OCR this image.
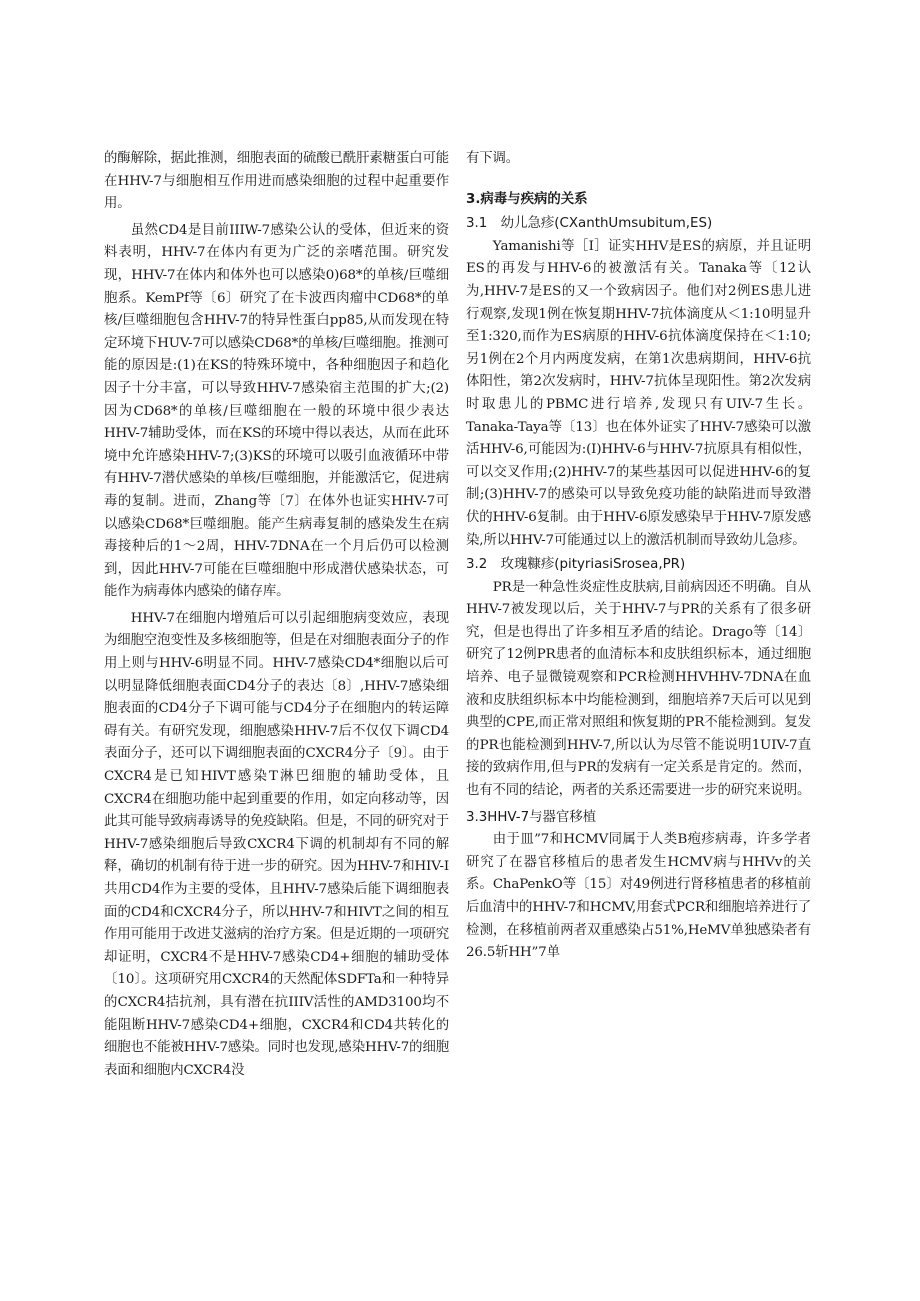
的酶解除，据此推测，细胞表面的硫酸已酰肝素糖蛋白可能在HHV-7与细胞相互作用进而感染细胞的过程中起重要作用。

虽然CD4是目前IIIW-7感染公认的受体，但近来的资料表明，HHV-7在体内有更为广泛的亲嗜范围。研究发现，HHV-7在体内和体外也可以感染0)68*的单核/巨噬细胞系。KemPf等〔6〕研究了在卡波西肉瘤中CD68*的单核/巨噬细胞包含HHV-7的特异性蛋白pp85,从而发现在特定环境下HUV-7可以感染CD68*的单核/巨噬细胞。推测可能的原因是:(1)在KS的特殊环境中，各种细胞因子和趋化因子十分丰富，可以导致HHV-7感染宿主范围的扩大;(2)因为CD68*的单核/巨噬细胞在一般的环境中很少表达HHV-7辅助受体，而在KS的环境中得以表达，从而在此环境中允许感染HHV-7;(3)KS的环境可以吸引血液循环中带有HHV-7潜伏感染的单核/巨噬细胞，并能激活它，促进病毒的复制。进而，Zhang等〔7〕在体外也证实HHV-7可以感染CD68*巨噬细胞。能产生病毒复制的感染发生在病毒接种后的1～2周，HHV-7DNA在一个月后仍可以检测到，因此HHV-7可能在巨噬细胞中形成潜伏感染状态，可能作为病毒体内感染的储存库。

HHV-7在细胞内增殖后可以引起细胞病变效应，表现为细胞空泡变性及多核细胞等，但是在对细胞表面分子的作用上则与HHV-6明显不同。HHV-7感染CD4*细胞以后可以明显降低细胞表面CD4分子的表达〔8〕,HHV-7感染细胞表面的CD4分子下调可能与CD4分子在细胞内的转运障碍有关。有研究发现，细胞感染HHV-7后不仅仅下调CD4表面分子，还可以下调细胞表面的CXCR4分子〔9〕。由于CXCR4是已知HIVT感染T淋巴细胞的辅助受体，且CXCR4在细胞功能中起到重要的作用，如定向移动等，因此其可能导致病毒诱导的免疫缺陷。但是，不同的研究对于HHV-7感染细胞后导致CXCR4下调的机制却有不同的解释，确切的机制有待于进一步的研究。因为HHV-7和HIV-I共用CD4作为主要的受体，且HHV-7感染后能下调细胞表面的CD4和CXCR4分子，所以HHV-7和HIVT之间的相互作用可能用于改进艾滋病的治疗方案。但是近期的一项研究却证明，CXCR4不是HHV-7感染CD4+细胞的辅助受体〔10〕。这项研究用CXCR4的天然配体SDFTa和一种特异的CXCR4拮抗剂，具有潜在抗IIIV活性的AMD3100均不能阻断HHV-7感染CD4+细胞，CXCR4和CD4共转化的细胞也不能被HHV-7感染。同时也发现,感染HHV-7的细胞表面和细胞内CXCR4没

有下调。

3.病毒与疾病的关系

3.1　幼儿急疹(CXanthUmsubitum,ES)

Yamanishi等［I］证实HHV是ES的病原，并且证明ES的再发与HHV-6的被激活有关。Tanaka等〔12认为,HHV-7是ES的又一个致病因子。他们对2例ES患儿进行观察,发现1例在恢复期HHV-7抗体滴度从＜1:10明显升至1:320,而作为ES病原的HHV-6抗体滴度保持在＜1:10;另1例在2个月内两度发病，在第1次患病期间，HHV-6抗体阳性，第2次发病时，HHV-7抗体呈现阳性。第2次发病时取患儿的PBMC进行培养,发现只有UIV-7生长。Tanaka-Taya等〔13〕也在体外证实了HHV-7感染可以激活HHV-6,可能因为:(I)HHV-6与HHV-7抗原具有相似性，可以交叉作用;(2)HHV-7的某些基因可以促进HHV-6的复制;(3)HHV-7的感染可以导致免疫功能的缺陷进而导致潜伏的HHV-6复制。由于HHV-6原发感染早于HHV-7原发感染,所以HHV-7可能通过以上的激活机制而导致幼儿急疹。

3.2　玫瑰糠疹(pityriasiSrosea,PR)

PR是一种急性炎症性皮肤病,目前病因还不明确。自从HHV-7被发现以后，关于HHV-7与PR的关系有了很多研究，但是也得出了许多相互矛盾的结论。Drago等〔14〕研究了12例PR患者的血清标本和皮肤组织标本，通过细胞培养、电子显微镜观察和PCR检测HHVHHV-7DNA在血液和皮肤组织标本中均能检测到，细胞培养7天后可以见到典型的CPE,而正常对照组和恢复期的PR不能检测到。复发的PR也能检测到HHV-7,所以认为尽管不能说明1UIV-7直接的致病作用,但与PR的发病有一定关系是肯定的。然而，也有不同的结论，两者的关系还需要进一步的研究来说明。

3.3HHV-7与器官移植

由于皿”7和HCMV同属于人类B疱疹病毒，许多学者研究了在器官移植后的患者发生HCMV病与HHVv的关系。ChaPenkO等〔15〕对49例进行肾移植患者的移植前后血清中的HHV-7和HCMV,用套式PCR和细胞培养进行了检测，在移植前两者双重感染占51%,HeMV单独感染者有26.5斩HH”7单
